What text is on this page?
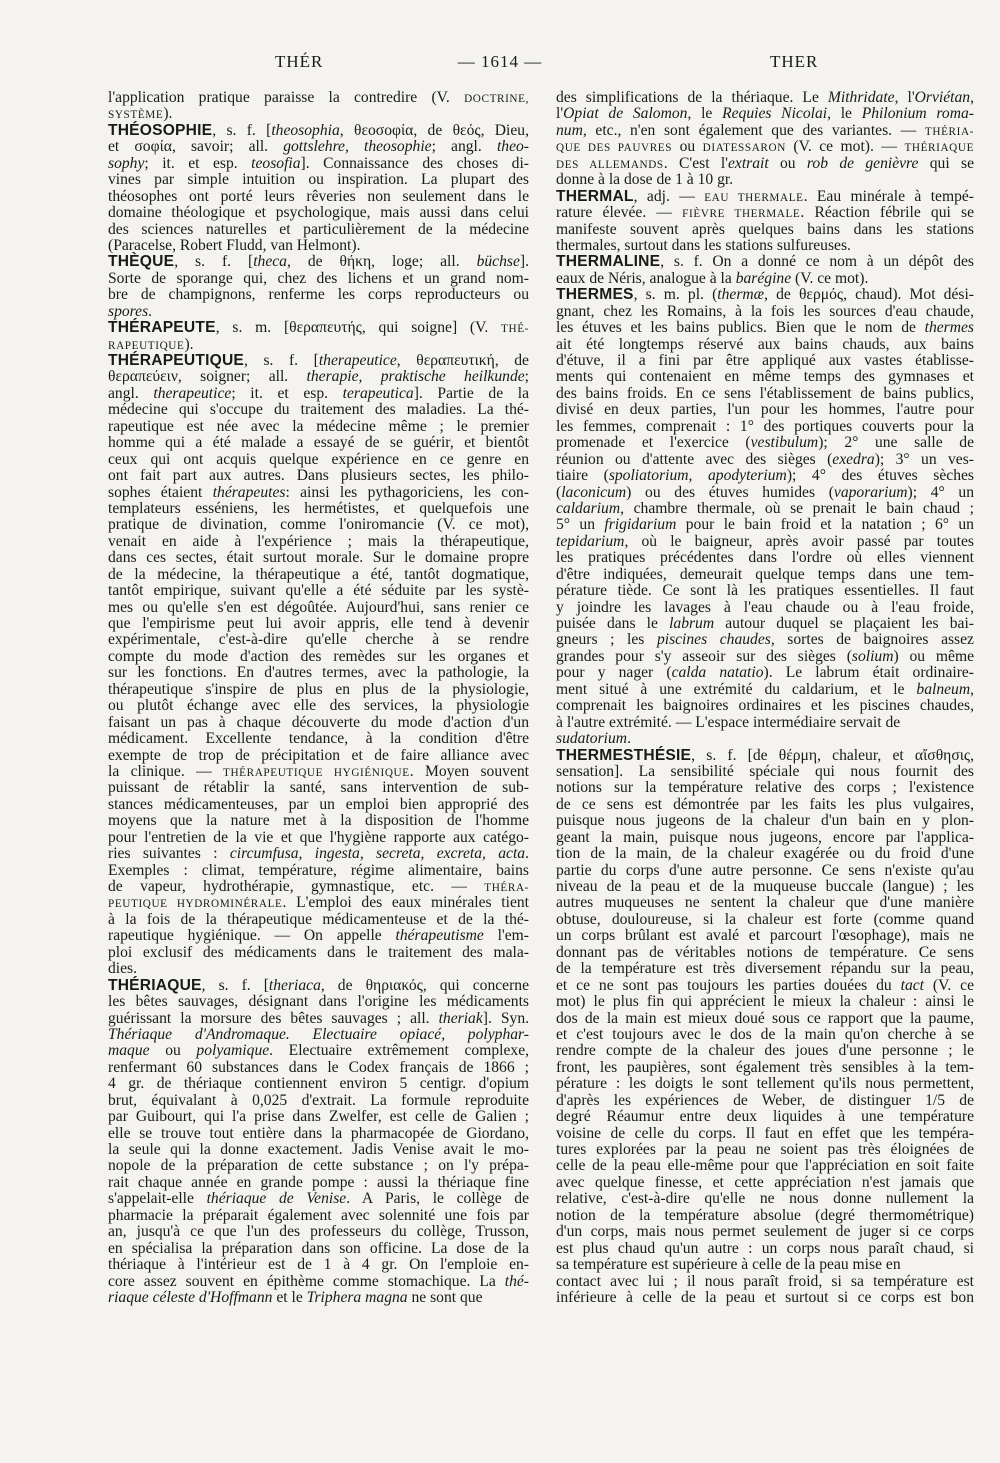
THÉR	— 1614 —	THER
l'application pratique paraisse la contredire (V. DOCTRINE,
SYSTÈME).
THÉOSOPHIE, s. f. [theosophia, θεοσοφία, de θεός, Dieu,
et σοφία, savoir; all. gottslehre, theosophie; angl. theo-
sophy; it. et esp. teosofia]. Connaissance des choses di-
vines par simple intuition ou inspiration. La plupart des
théosophes ont porté leurs rêveries non seulement dans le
domaine théologique et psychologique, mais aussi dans celui
des sciences naturelles et particulièrement de la médecine
(Paracelse, Robert Fludd, van Helmont).
THÈQUE, s. f. [theca, de θήκη, loge; all. büchse].
Sorte de sporange qui, chez des lichens et un grand nom-
bre de champignons, renferme les corps reproducteurs ou
spores.
THÉRAPEUTE, s. m. [θεραπευτής, qui soigne] (V. THÉ-
RAPEUTIQUE).
THÉRAPEUTIQUE, s. f. [therapeutice, θεραπευτική, de
θεραπεύειν, soigner; all. therapie, praktische heilkunde;
angl. therapeutice; it. et esp. terapeutica]. Partie de la
médecine qui s'occupe du traitement des maladies. La thé-
rapeutique est née avec la médecine même ; le premier
homme qui a été malade a essayé de se guérir, et bientôt
ceux qui ont acquis quelque expérience en ce genre en
ont fait part aux autres. Dans plusieurs sectes, les philo-
sophes étaient thérapeutes: ainsi les pythagoriciens, les con-
templateurs esséniens, les hermétistes, et quelquefois une
pratique de divination, comme l'oniromancie (V. ce mot),
venait en aide à l'expérience ; mais la thérapeutique,
dans ces sectes, était surtout morale. Sur le domaine propre
de la médecine, la thérapeutique a été, tantôt dogmatique,
tantôt empirique, suivant qu'elle a été séduite par les systè-
mes ou qu'elle s'en est dégoûtée. Aujourd'hui, sans renier ce
que l'empirisme peut lui avoir appris, elle tend à devenir
expérimentale, c'est-à-dire qu'elle cherche à se rendre
compte du mode d'action des remèdes sur les organes et
sur les fonctions. En d'autres termes, avec la pathologie, la
thérapeutique s'inspire de plus en plus de la physiologie,
ou plutôt échange avec elle des services, la physiologie
faisant un pas à chaque découverte du mode d'action d'un
médicament. Excellente tendance, à la condition d'être
exempte de trop de précipitation et de faire alliance avec
la clinique. — THÉRAPEUTIQUE HYGIÉNIQUE. Moyen souvent
puissant de rétablir la santé, sans intervention de sub-
stances médicamenteuses, par un emploi bien approprié des
moyens que la nature met à la disposition de l'homme
pour l'entretien de la vie et que l'hygiène rapporte aux catégo-
ries suivantes : circumfusa, ingesta, secreta, excreta, acta.
Exemples : climat, température, régime alimentaire, bains
de vapeur, hydrothérapie, gymnastique, etc. — THÉRA-
PEUTIQUE HYDROMINÉRALE. L'emploi des eaux minérales tient
à la fois de la thérapeutique médicamenteuse et de la thé-
rapeutique hygiénique. — On appelle thérapeutisme l'em-
ploi exclusif des médicaments dans le traitement des mala-
dies.
THÉRIAQUE, s. f. [theriaca, de θηριακός, qui concerne
les bêtes sauvages, désignant dans l'origine les médicaments
guérissant la morsure des bêtes sauvages ; all. theriak]. Syn.
Thériaque d'Andromaque. Electuaire opiacé, polyphar-
maque ou polyamique. Electuaire extrêmement complexe,
renfermant 60 substances dans le Codex français de 1866 ;
4 gr. de thériaque contiennent environ 5 centigr. d'opium
brut, équivalant à 0,025 d'extrait. La formule reproduite
par Guibourt, qui l'a prise dans Zwelfer, est celle de Galien ;
elle se trouve tout entière dans la pharmacopée de Giordano,
la seule qui la donne exactement. Jadis Venise avait le mo-
nopole de la préparation de cette substance ; on l'y prépa-
rait chaque année en grande pompe : aussi la thériaque fine
s'appelait-elle thériaque de Venise. A Paris, le collège de
pharmacie la préparait également avec solennité une fois par
an, jusqu'à ce que l'un des professeurs du collège, Trusson,
en spécialisa la préparation dans son officine. La dose de la
thériaque à l'intérieur est de 1 à 4 gr. On l'emploie en-
core assez souvent en épithème comme stomachique. La thé-
riaque céleste d'Hoffmann et le Triphera magna ne sont que
des simplifications de la thériaque. Le Mithridate, l'Orviétan,
l'Opiat de Salomon, le Requies Nicolai, le Philonium roma-
num, etc., n'en sont également que des variantes. — THÉRIA-
QUE DES PAUVRES ou DIATESSARON (V. ce mot). — THÉRIAQUE
DES ALLEMANDS. C'est l'extrait ou rob de genièvre qui se
donne à la dose de 1 à 10 gr.
THERMAL, adj. — EAU THERMALE. Eau minérale à tempé-
rature élevée. — FIÈVRE THERMALE. Réaction fébrile qui se
manifeste souvent après quelques bains dans les stations
thermales, surtout dans les stations sulfureuses.
THERMALINE, s. f. On a donné ce nom à un dépôt des
eaux de Néris, analogue à la barégine (V. ce mot).
THERMES, s. m. pl. (thermæ, de θερμός, chaud). Mot dési-
gnant, chez les Romains, à la fois les sources d'eau chaude,
les étuves et les bains publics. Bien que le nom de thermes
ait été longtemps réservé aux bains chauds, aux bains
d'étuve, il a fini par être appliqué aux vastes établisse-
ments qui contenaient en même temps des gymnases et
des bains froids. En ce sens l'établissement de bains publics,
divisé en deux parties, l'un pour les hommes, l'autre pour
les femmes, comprenait : 1° des portiques couverts pour la
promenade et l'exercice (vestibulum); 2° une salle de
réunion ou d'attente avec des sièges (exedra); 3° un ves-
tiaire (spoliatorium, apodyterium); 4° des étuves sèches
(laconicum) ou des étuves humides (vaporarium); 4° un
caldarium, chambre thermale, où se prenait le bain chaud ;
5° un frigidarium pour le bain froid et la natation ; 6° un
tepidarium, où le baigneur, après avoir passé par toutes
les pratiques précédentes dans l'ordre où elles viennent
d'être indiquées, demeurait quelque temps dans une tem-
pérature tiède. Ce sont là les pratiques essentielles. Il faut
y joindre les lavages à l'eau chaude ou à l'eau froide,
puisée dans le labrum autour duquel se plaçaient les bai-
gneurs ; les piscines chaudes, sortes de baignoires assez
grandes pour s'y asseoir sur des sièges (solium) ou même
pour y nager (calda natatio). Le labrum était ordinaire-
ment situé à une extrémité du caldarium, et le balneum,
comprenait les baignoires ordinaires et les piscines chaudes,
à l'autre extrémité. — L'espace intermédiaire servait de
sudatorium.
THERMESTHÉSIE, s. f. [de θέρμη, chaleur, et αἴσθησις,
sensation]. La sensibilité spéciale qui nous fournit des
notions sur la température relative des corps ; l'existence
de ce sens est démontrée par les faits les plus vulgaires,
puisque nous jugeons de la chaleur d'un bain en y plon-
geant la main, puisque nous jugeons, encore par l'applica-
tion de la main, de la chaleur exagérée ou du froid d'une
partie du corps d'une autre personne. Ce sens n'existe qu'au
niveau de la peau et de la muqueuse buccale (langue) ; les
autres muqueuses ne sentent la chaleur que d'une manière
obtuse, douloureuse, si la chaleur est forte (comme quand
un corps brûlant est avalé et parcourt l'œsophage), mais ne
donnant pas de véritables notions de température. Ce sens
de la température est très diversement répandu sur la peau,
et ce ne sont pas toujours les parties douées du tact (V. ce
mot) le plus fin qui apprécient le mieux la chaleur : ainsi le
dos de la main est mieux doué sous ce rapport que la paume,
et c'est toujours avec le dos de la main qu'on cherche à se
rendre compte de la chaleur des joues d'une personne ; le
front, les paupières, sont également très sensibles à la tem-
pérature : les doigts le sont tellement qu'ils nous permettent,
d'après les expériences de Weber, de distinguer 1/5 de
degré Réaumur entre deux liquides à une température
voisine de celle du corps. Il faut en effet que les tempéra-
tures explorées par la peau ne soient pas très éloignées de
celle de la peau elle-même pour que l'appréciation en soit faite
avec quelque finesse, et cette appréciation n'est jamais que
relative, c'est-à-dire qu'elle ne nous donne nullement la
notion de la température absolue (degré thermométrique)
d'un corps, mais nous permet seulement de juger si ce corps
est plus chaud qu'un autre : un corps nous paraît chaud, si
sa température est supérieure à celle de la peau mise en
contact avec lui ; il nous paraît froid, si sa température est
inférieure à celle de la peau et surtout si ce corps est bon
